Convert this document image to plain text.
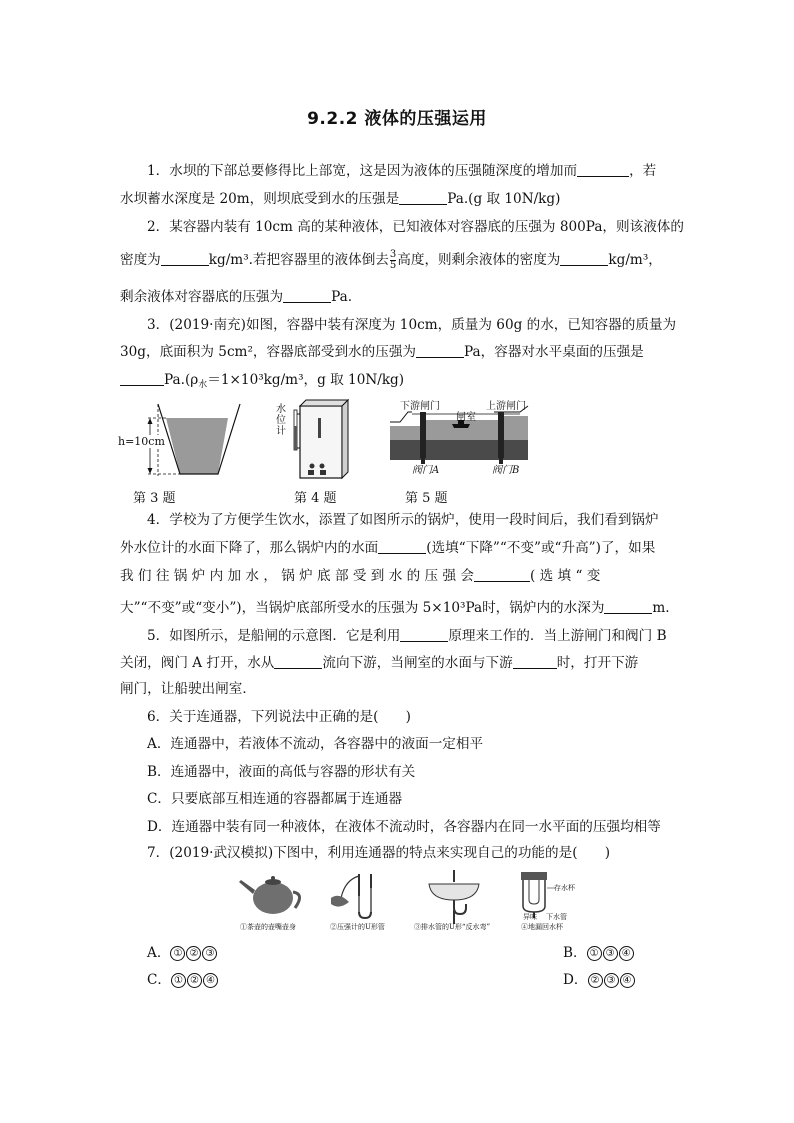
9.2.2 液体的压强运用
1．水坝的下部总要修得比上部宽，这是因为液体的压强随深度的增加而	，若
水坝蓄水深度是 20m，则坝底受到水的压强是	Pa.(g 取 10N/kg)
2．某容器内装有 10cm 高的某种液体，已知液体对容器底的压强为 800Pa，则该液体的
密度为	kg/m³.若把容器里的液体倒去 $\frac{3}{5}$ 高度，则剩余液体的密度为	kg/m³，
剩余液体对容器底的压强为	Pa.
3．(2019·南充)如图，容器中装有深度为 10cm，质量为 60g 的水，已知容器的质量为
30g，底面积为 5cm²，容器底部受到水的压强为	Pa，容器对水平桌面的压强是
$Pa.(\rho_水=1\times 10^3kg/m^3$，g 取 10N/kg)
h=10cm
水位计
下游闸门	上游闸门
闸室
阀门A	阀门B
第 3 题	第 4 题	第 5 题
4．学校为了方便学生饮水，添置了如图所示的锅炉，使用一段时间后，我们看到锅炉
外水位计的水面下降了，那么锅炉内的水面	(选填“下降”“不变”或“升高”)了，如果
我 们 往 锅 炉 内 加 水 ， 锅 炉 底 部 受 到 水 的 压 强 会	( 选 填 “ 变
大”“不变”或“变小”)，当锅炉底部所受水的压强为 5×10³Pa时，锅炉内的水深为	m.
5．如图所示，是船闸的示意图．它是利用	原理来工作的．当上游闸门和阀门 B
关闭，阀门 A 打开，水从	流向下游，当闸室的水面与下游	时，打开下游
闸门，让船驶出闸室．
6．关于连通器，下列说法中正确的是(　　)
A．连通器中，若液体不流动，各容器中的液面一定相平
B．连通器中，液面的高低与容器的形状有关
C．只要底部互相连通的容器都属于连通器
D．连通器中装有同一种液体，在液体不流动时，各容器内在同一水平面的压强均相等
7．(2019·武汉模拟)下图中，利用连通器的特点来实现自己的功能的是(　　)
存水杯
异味 下水管
①茶壶的壶嘴壶身	②压强计的U形管	③排水管的U形“反水弯”	④地漏回水杯
A． ① ② ③	B． ① ③ ④
C． ① ② ④	D． ② ③ ④
